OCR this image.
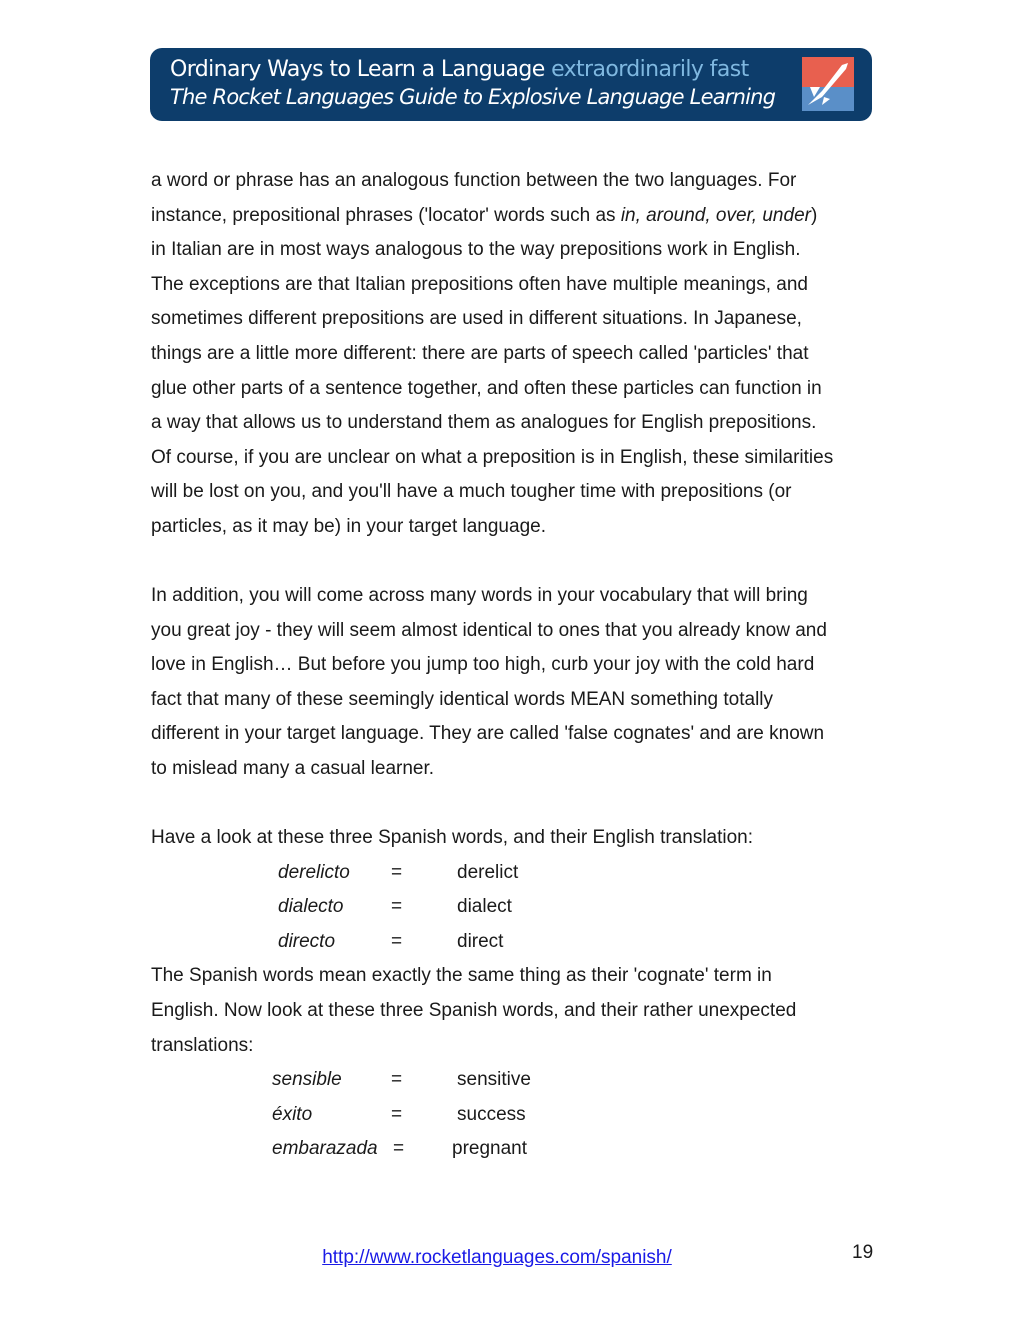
Ordinary Ways to Learn a Language extraordinarily fast
The Rocket Languages Guide to Explosive Language Learning
a word or phrase has an analogous function between the two languages. For
instance, prepositional phrases ('locator' words such as in, around, over, under)
in Italian are in most ways analogous to the way prepositions work in English.
The exceptions are that Italian prepositions often have multiple meanings, and
sometimes different prepositions are used in different situations. In Japanese,
things are a little more different: there are parts of speech called 'particles' that
glue other parts of a sentence together, and often these particles can function in
a way that allows us to understand them as analogues for English prepositions.
Of course, if you are unclear on what a preposition is in English, these similarities
will be lost on you, and you'll have a much tougher time with prepositions (or
particles, as it may be) in your target language.
In addition, you will come across many words in your vocabulary that will bring
you great joy - they will seem almost identical to ones that you already know and
love in English… But before you jump too high, curb your joy with the cold hard
fact that many of these seemingly identical words MEAN something totally
different in your target language. They are called 'false cognates' and are known
to mislead many a casual learner.
Have a look at these three Spanish words, and their English translation:
derelicto =	derelict
dialecto	=	dialect
directo	=	direct
The Spanish words mean exactly the same thing as their 'cognate' term in
English. Now look at these three Spanish words, and their rather unexpected
translations:
sensible	=	sensitive
éxito	=	success
embarazada =	pregnant
http://www.rocketlanguages.com/spanish/	19
